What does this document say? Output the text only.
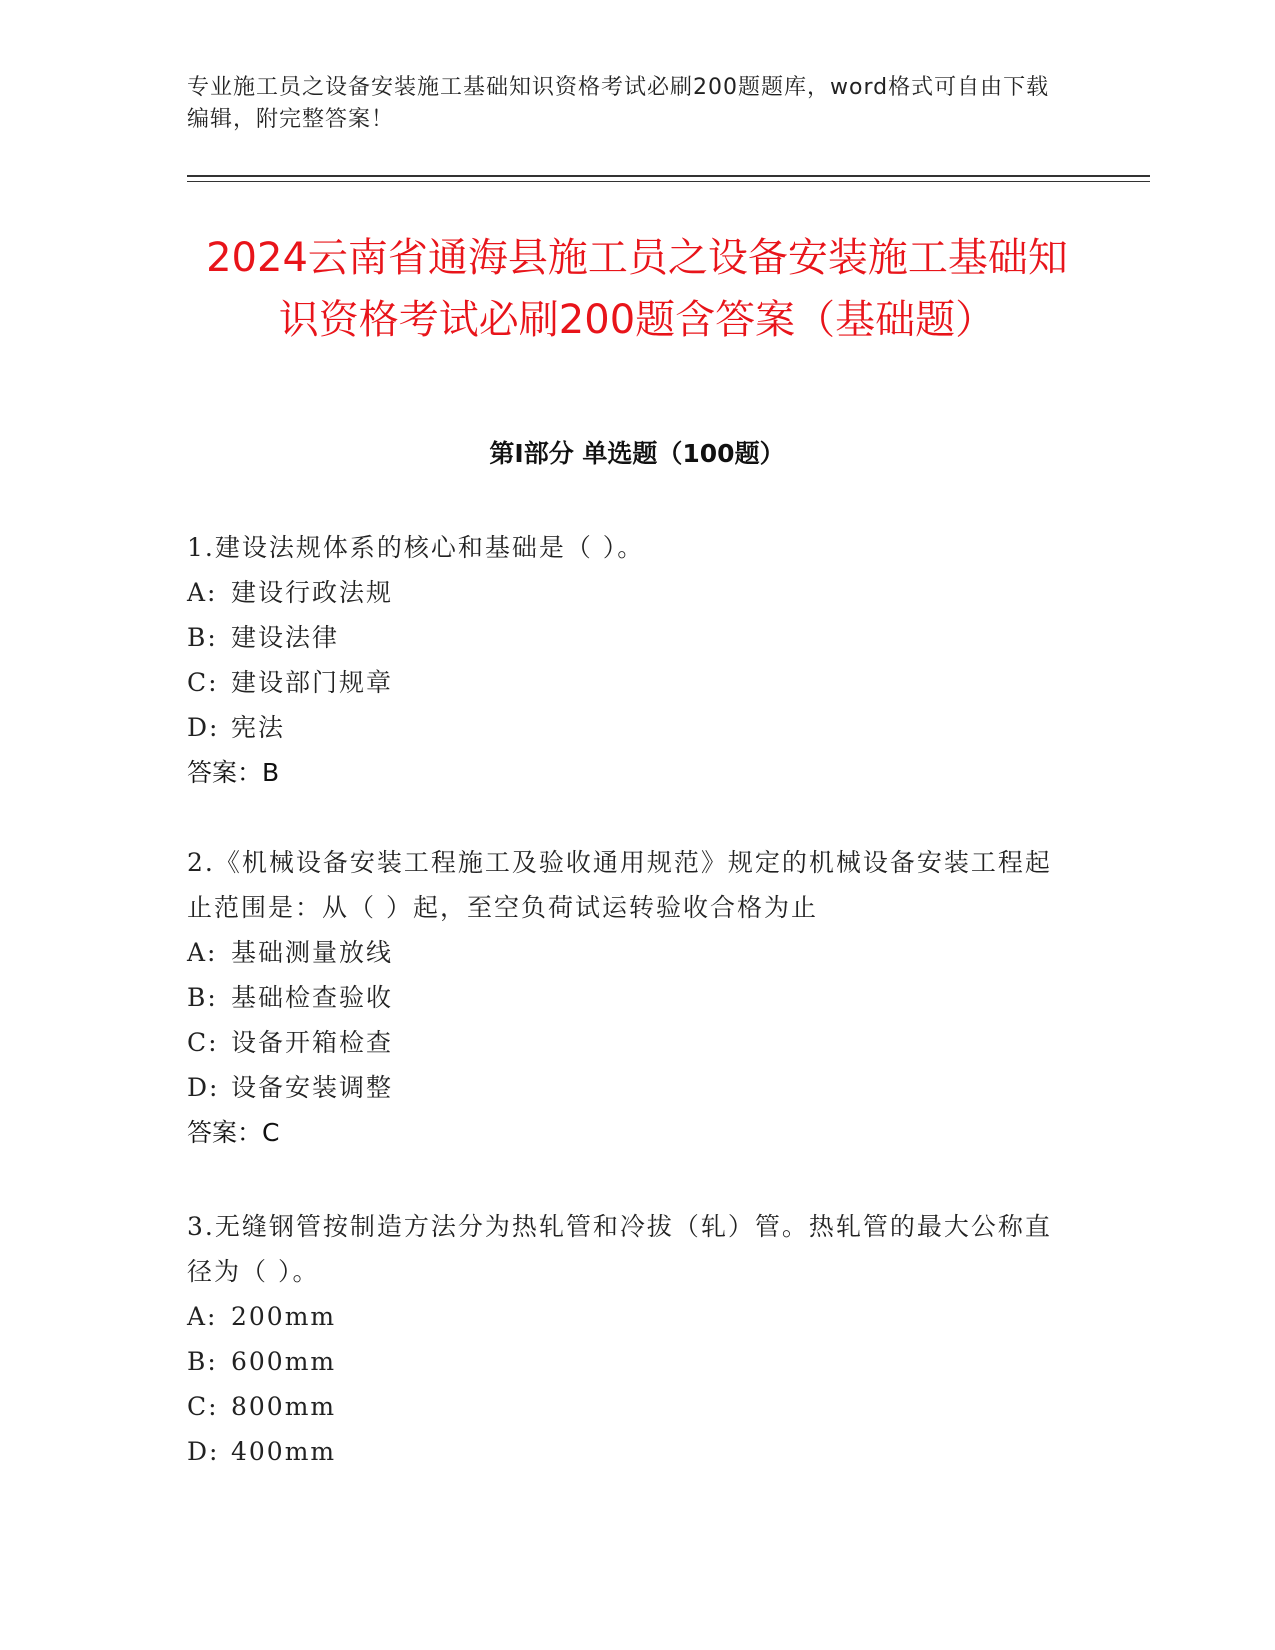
专业施工员之设备安装施工基础知识资格考试必刷200题题库，word格式可自由下载编辑，附完整答案！
2024云南省通海县施工员之设备安装施工基础知识资格考试必刷200题含答案（基础题）
第I部分 单选题（100题）
1.建设法规体系的核心和基础是（ ）。
A: 建设行政法规
B: 建设法律
C: 建设部门规章
D: 宪法
答案：B
2.《机械设备安装工程施工及验收通用规范》规定的机械设备安装工程起止范围是：从（ ）起，至空负荷试运转验收合格为止
A: 基础测量放线
B: 基础检查验收
C: 设备开箱检查
D: 设备安装调整
答案：C
3.无缝钢管按制造方法分为热轧管和冷拔（轧）管。热轧管的最大公称直径为（ ）。
A: 200mm
B: 600mm
C: 800mm
D: 400mm
